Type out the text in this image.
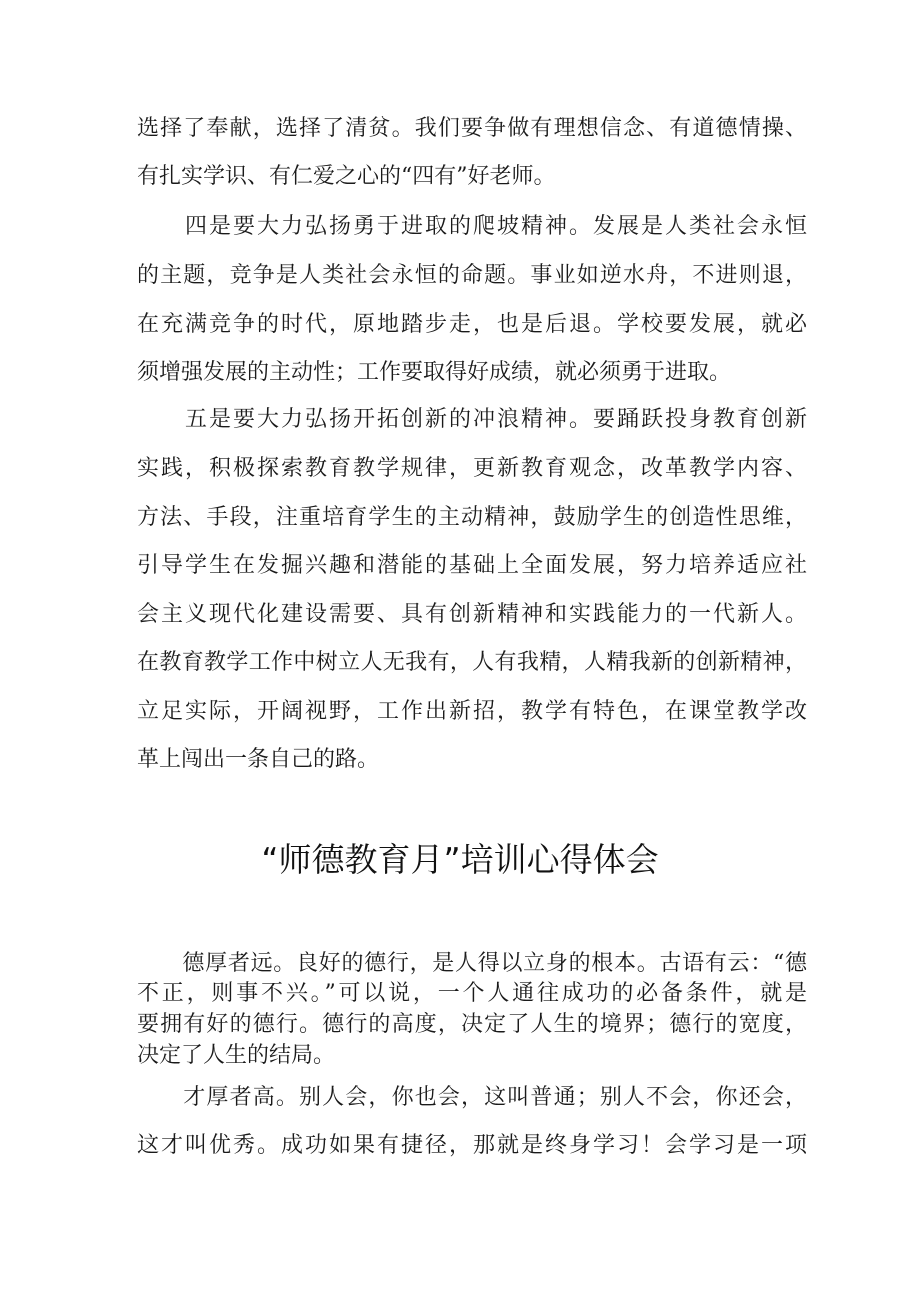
选择了奉献，选择了清贫。我们要争做有理想信念、有道德情操、
有扎实学识、有仁爱之心的“四有”好老师。
　　四是要大力弘扬勇于进取的爬坡精神。发展是人类社会永恒
的主题，竞争是人类社会永恒的命题。事业如逆水舟，不进则退，
在充满竞争的时代，原地踏步走，也是后退。学校要发展，就必
须增强发展的主动性；工作要取得好成绩，就必须勇于进取。
　　五是要大力弘扬开拓创新的冲浪精神。要踊跃投身教育创新
实践，积极探索教育教学规律，更新教育观念，改革教学内容、
方法、手段，注重培育学生的主动精神，鼓励学生的创造性思维，
引导学生在发掘兴趣和潜能的基础上全面发展，努力培养适应社
会主义现代化建设需要、具有创新精神和实践能力的一代新人。
在教育教学工作中树立人无我有，人有我精，人精我新的创新精神，
立足实际，开阔视野，工作出新招，教学有特色，在课堂教学改
革上闯出一条自己的路。
“师德教育月”培训心得体会
　　德厚者远。良好的德行，是人得以立身的根本。古语有云：“德
不正，则事不兴。”可以说，一个人通往成功的必备条件，就是
要拥有好的德行。德行的高度，决定了人生的境界；德行的宽度，
决定了人生的结局。
　　才厚者高。别人会，你也会，这叫普通；别人不会，你还会，
这才叫优秀。成功如果有捷径，那就是终身学习！会学习是一项
